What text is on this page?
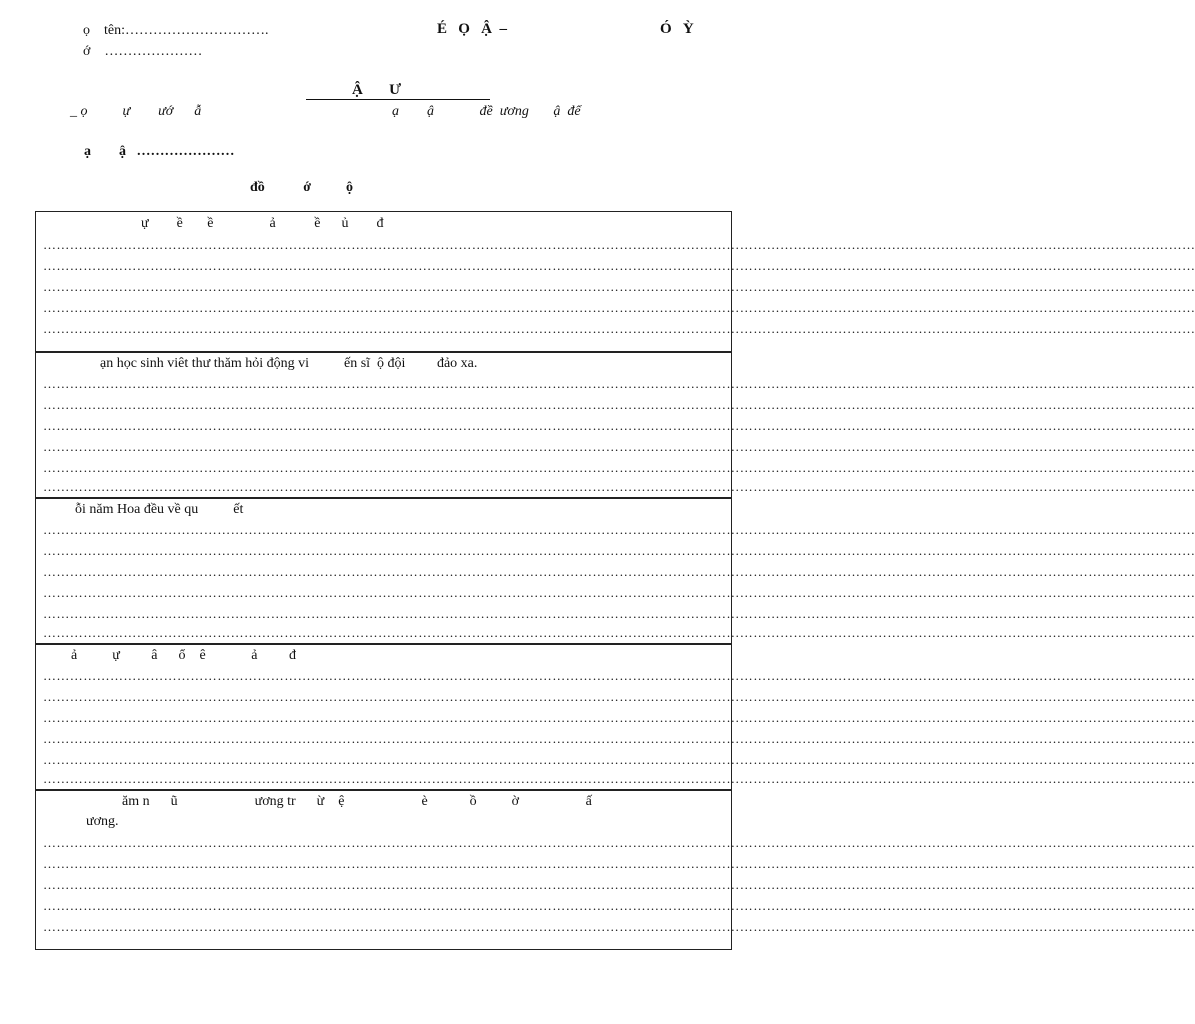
ọ    tên:………………………….
ớ    …………………
É   Ọ   Ậ  –	Ó   Ỳ
Ậ       Ư
_ ọ          ự        ướ      ẫ	ạ        ậ             đề  ương       ậ  để
ạ        ậ   …………………
đồ           ớ          ộ
ự        ề       ề                ả           ề      ủ        đ
……………………………………………………………………………………………………………………………………………………………………………………………………………………………………
……………………………………………………………………………………………………………………………………………………………………………………………………………………………………
……………………………………………………………………………………………………………………………………………………………………………………………………………………………………
……………………………………………………………………………………………………………………………………………………………………………………………………………………………………
……………………………………………………………………………………………………………………………………………………………………………………………………………………………………
ạn học sinh viêt thư thăm hỏi động vi          ến sĩ  ộ đội         đảo xa.
……………………………………………………………………………………………………………………………………………………………………………………………………………………………………
……………………………………………………………………………………………………………………………………………………………………………………………………………………………………
……………………………………………………………………………………………………………………………………………………………………………………………………………………………………
……………………………………………………………………………………………………………………………………………………………………………………………………………………………………
……………………………………………………………………………………………………………………………………………………………………………………………………………………………………
……………………………………………………………………………………………………………………………………………………………………………………………………………………………………
ỗi năm Hoa đều về qu          ết
……………………………………………………………………………………………………………………………………………………………………………………………………………………………………
……………………………………………………………………………………………………………………………………………………………………………………………………………………………………
……………………………………………………………………………………………………………………………………………………………………………………………………………………………………
……………………………………………………………………………………………………………………………………………………………………………………………………………………………………
……………………………………………………………………………………………………………………………………………………………………………………………………………………………………
……………………………………………………………………………………………………………………………………………………………………………………………………………………………………
ả          ự         â      ổ    ê             ả         đ
……………………………………………………………………………………………………………………………………………………………………………………………………………………………………
……………………………………………………………………………………………………………………………………………………………………………………………………………………………………
……………………………………………………………………………………………………………………………………………………………………………………………………………………………………
……………………………………………………………………………………………………………………………………………………………………………………………………………………………………
……………………………………………………………………………………………………………………………………………………………………………………………………………………………………
……………………………………………………………………………………………………………………………………………………………………………………………………………………………………
ăm n      ũ                      ương tr      ừ    ệ                      è            ồ          ờ                   ấ
ương.
……………………………………………………………………………………………………………………………………………………………………………………………………………………………………
……………………………………………………………………………………………………………………………………………………………………………………………………………………………………
……………………………………………………………………………………………………………………………………………………………………………………………………………………………………
……………………………………………………………………………………………………………………………………………………………………………………………………………………………………
……………………………………………………………………………………………………………………………………………………………………………………………………………………………………
